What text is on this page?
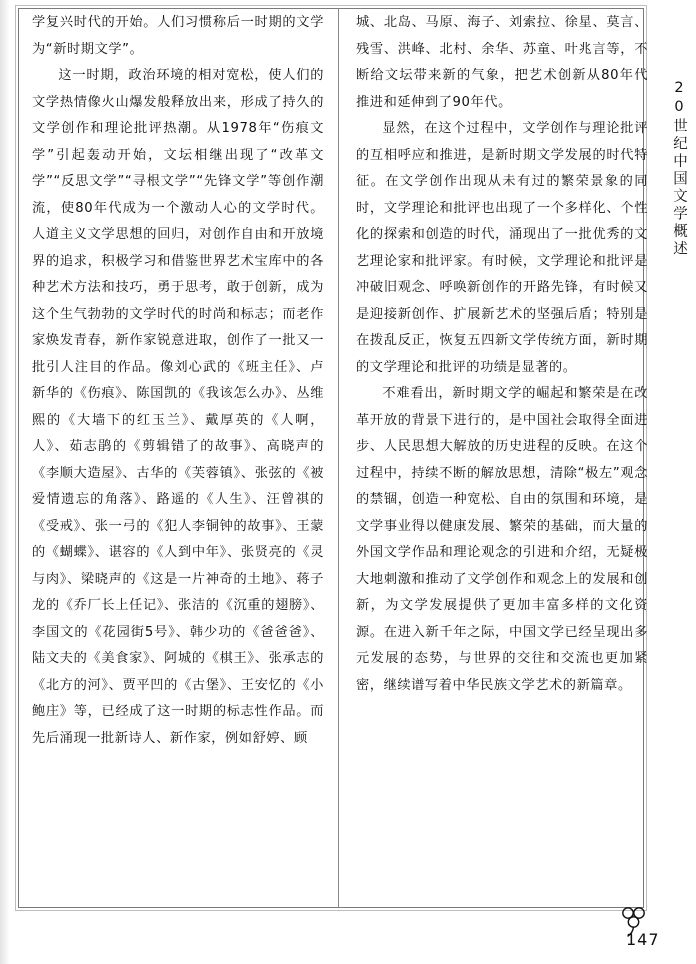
学复兴时代的开始。人们习惯称后一时期的文学为“新时期文学”。

这一时期，政治环境的相对宽松，使人们的文学热情像火山爆发般释放出来，形成了持久的文学创作和理论批评热潮。从1978年“伤痕文学”引起轰动开始，文坛相继出现了“改革文学”“反思文学”“寻根文学”“先锋文学”等创作潮流，使80年代成为一个激动人心的文学时代。人道主义文学思想的回归，对创作自由和开放境界的追求，积极学习和借鉴世界艺术宝库中的各种艺术方法和技巧，勇于思考，敢于创新，成为这个生气勃勃的文学时代的时尚和标志；而老作家焕发青春，新作家锐意进取，创作了一批又一批引人注目的作品。像刘心武的《班主任》、卢新华的《伤痕》、陈国凯的《我该怎么办》、丛维熙的《大墙下的红玉兰》、戴厚英的《人啊，人》、茹志鹃的《剪辑错了的故事》、高晓声的《李顺大造屋》、古华的《芙蓉镇》、张弦的《被爱情遗忘的角落》、路遥的《人生》、汪曾祺的《受戒》、张一弓的《犯人李铜钟的故事》、王蒙的《蝴蝶》、谌容的《人到中年》、张贤亮的《灵与肉》、梁晓声的《这是一片神奇的土地》、蒋子龙的《乔厂长上任记》、张洁的《沉重的翅膀》、李国文的《花园街5号》、韩少功的《爸爸爸》、陆文夫的《美食家》、阿城的《棋王》、张承志的《北方的河》、贾平凹的《古堡》、王安忆的《小鲍庄》等，已经成了这一时期的标志性作品。而先后涌现一批新诗人、新作家，例如舒婷、顾

城、北岛、马原、海子、刘索拉、徐星、莫言、残雪、洪峰、北村、余华、苏童、叶兆言等，不断给文坛带来新的气象，把艺术创新从80年代推进和延伸到了90年代。

显然，在这个过程中，文学创作与理论批评的互相呼应和推进，是新时期文学发展的时代特征。在文学创作出现从未有过的繁荣景象的同时，文学理论和批评也出现了一个多样化、个性化的探索和创造的时代，涌现出了一批优秀的文艺理论家和批评家。有时候，文学理论和批评是冲破旧观念、呼唤新创作的开路先锋，有时候又是迎接新创作、扩展新艺术的坚强后盾；特别是在拨乱反正，恢复五四新文学传统方面，新时期的文学理论和批评的功绩是显著的。

不难看出，新时期文学的崛起和繁荣是在改革开放的背景下进行的，是中国社会取得全面进步、人民思想大解放的历史进程的反映。在这个过程中，持续不断的解放思想，清除“极左”观念的禁锢，创造一种宽松、自由的氛围和环境，是文学事业得以健康发展、繁荣的基础，而大量的外国文学作品和理论观念的引进和介绍，无疑极大地刺激和推动了文学创作和观念上的发展和创新，为文学发展提供了更加丰富多样的文化资源。在进入新千年之际，中国文学已经呈现出多元发展的态势，与世界的交往和交流也更加紧密，继续谱写着中华民族文学艺术的新篇章。

20世纪中国文学概述
147
